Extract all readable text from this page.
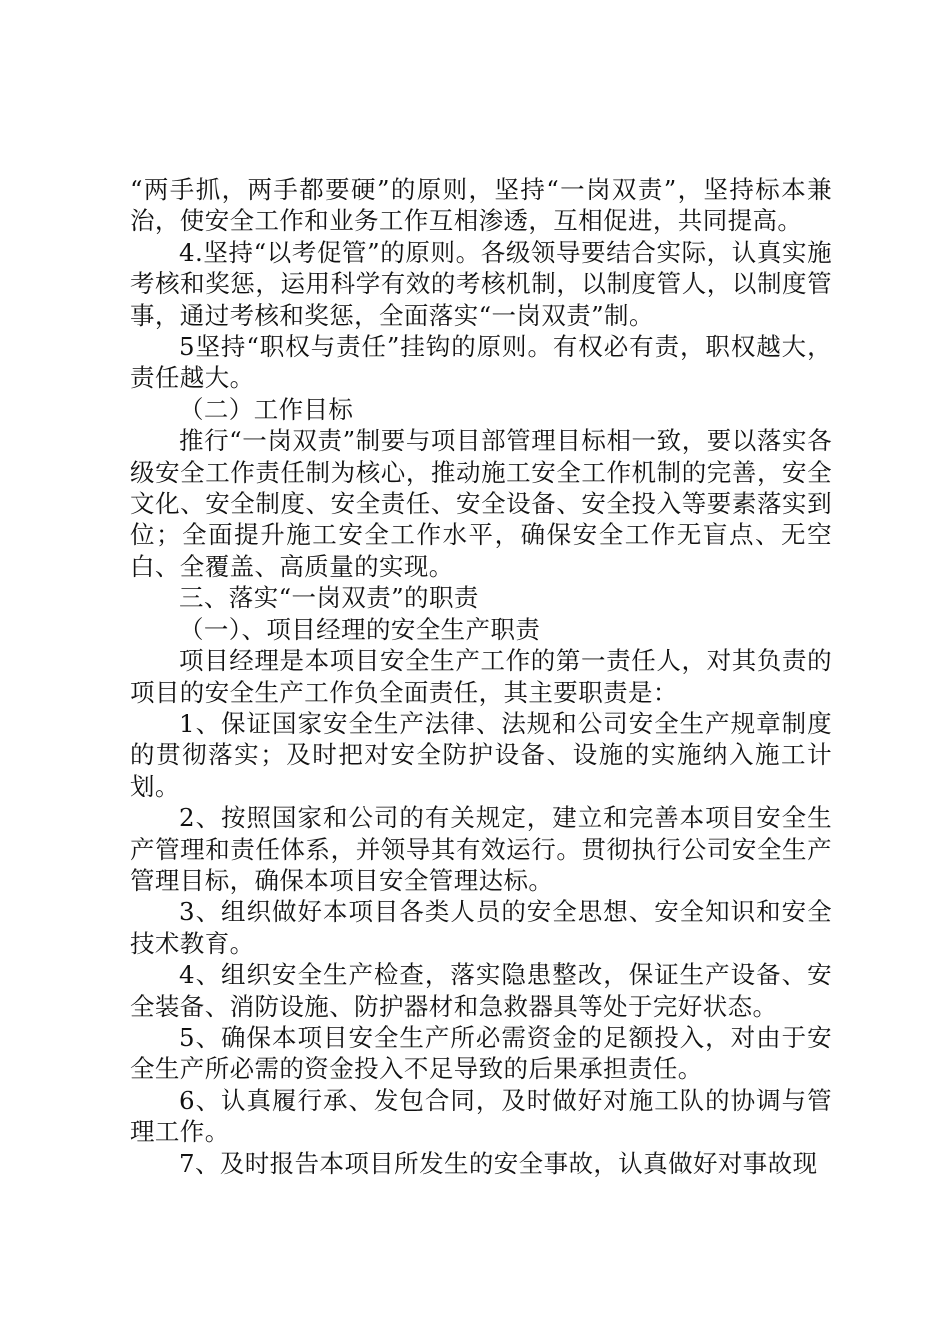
“两手抓，两手都要硬”的原则，坚持“一岗双责”，坚持标本兼治，使安全工作和业务工作互相渗透，互相促进，共同提高。

4.坚持“以考促管”的原则。各级领导要结合实际，认真实施考核和奖惩，运用科学有效的考核机制，以制度管人，以制度管事，通过考核和奖惩，全面落实“一岗双责”制。

5坚持“职权与责任”挂钩的原则。有权必有责，职权越大，责任越大。

（二）工作目标

推行“一岗双责”制要与项目部管理目标相一致，要以落实各级安全工作责任制为核心，推动施工安全工作机制的完善，安全文化、安全制度、安全责任、安全设备、安全投入等要素落实到位；全面提升施工安全工作水平，确保安全工作无盲点、无空白、全覆盖、高质量的实现。

三、落实“一岗双责”的职责

（一）、项目经理的安全生产职责

项目经理是本项目安全生产工作的第一责任人，对其负责的项目的安全生产工作负全面责任，其主要职责是：

1、保证国家安全生产法律、法规和公司安全生产规章制度的贯彻落实；及时把对安全防护设备、设施的实施纳入施工计划。

2、按照国家和公司的有关规定，建立和完善本项目安全生产管理和责任体系，并领导其有效运行。贯彻执行公司安全生产管理目标，确保本项目安全管理达标。

3、组织做好本项目各类人员的安全思想、安全知识和安全技术教育。

4、组织安全生产检查，落实隐患整改，保证生产设备、安全装备、消防设施、防护器材和急救器具等处于完好状态。

5、确保本项目安全生产所必需资金的足额投入，对由于安全生产所必需的资金投入不足导致的后果承担责任。

6、认真履行承、发包合同，及时做好对施工队的协调与管理工作。

7、及时报告本项目所发生的安全事故，认真做好对事故现
